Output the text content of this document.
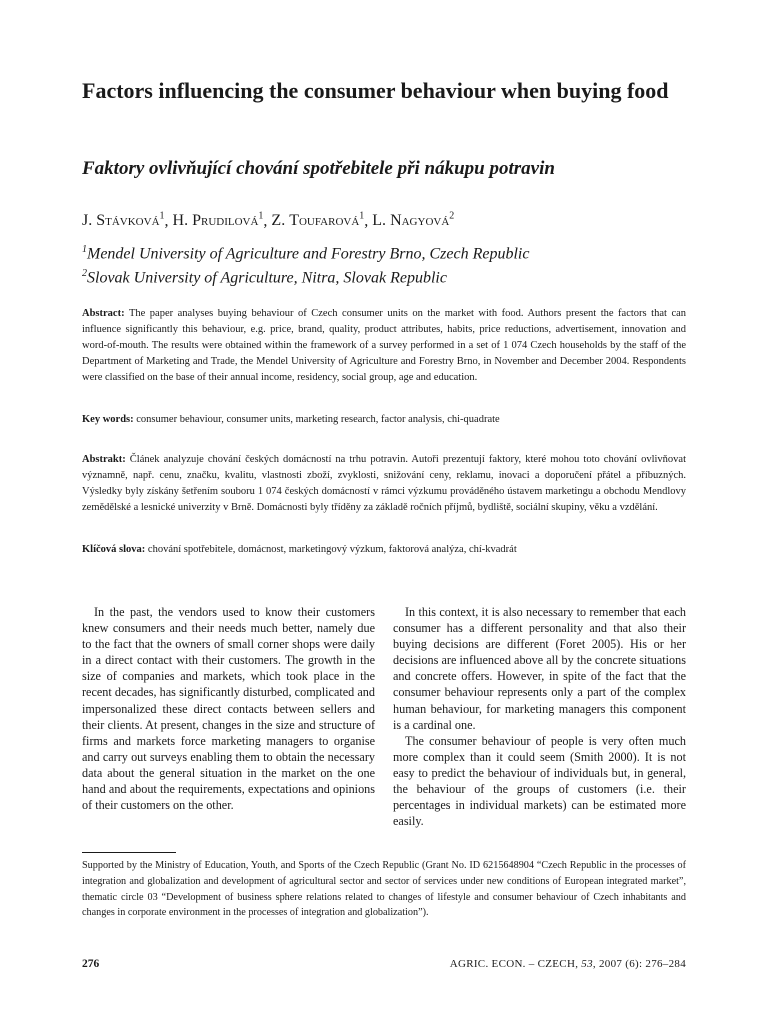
Factors influencing the consumer behaviour when buying food
Faktory ovlivňující chování spotřebitele při nákupu potravin

J. Stávková$^1$, H. Prudilová$^1$, Z. Toufarová$^1$, L. Nagyová$^2$

$^1$Mendel University of Agriculture and Forestry Brno, Czech Republic
$^2$Slovak University of Agriculture, Nitra, Slovak Republic

Abstract: The paper analyses buying behaviour of Czech consumer units on the market with food. Authors present the factors that can influence significantly this behaviour, e.g. price, brand, quality, product attributes, habits, price reductions, advertisement, innovation and word-of-mouth. The results were obtained within the framework of a survey performed in a set of 1 074 Czech households by the staff of the Department of Marketing and Trade, the Mendel University of Agriculture and Forestry Brno, in November and December 2004. Respondents were classified on the base of their annual income, residency, social group, age and education.

Key words: consumer behaviour, consumer units, marketing research, factor analysis, chi-quadrate

Abstrakt: Článek analyzuje chování českých domácností na trhu potravin. Autoři prezentují faktory, které mohou toto chování ovlivňovat významně, např. cenu, značku, kvalitu, vlastnosti zboží, zvyklosti, snižování ceny, reklamu, inovaci a doporučení přátel a příbuzných. Výsledky byly získány šetřením souboru 1 074 českých domácností v rámci výzkumu prováděného ústavem marketingu a obchodu Mendlovy zemědělské a lesnické univerzity v Brně. Domácnosti byly tříděny za základě ročních příjmů, bydliště, sociální skupiny, věku a vzdělání.

Klíčová slova: chování spotřebitele, domácnost, marketingový výzkum, faktorová analýza, chí-kvadrát

In the past, the vendors used to know their customers knew consumers and their needs much better, namely due to the fact that the owners of small corner shops were daily in a direct contact with their customers. The growth in the size of companies and markets, which took place in the recent decades, has significantly disturbed, complicated and impersonalized these direct contacts between sellers and their clients. At present, changes in the size and structure of firms and markets force marketing managers to organise and carry out surveys enabling them to obtain the necessary data about the general situation in the market on the one hand and about the requirements, expectations and opinions of their customers on the other.

In this context, it is also necessary to remember that each consumer has a different personality and that also their buying decisions are different (Foret 2005). His or her decisions are influenced above all by the concrete situations and concrete offers. However, in spite of the fact that the consumer behaviour represents only a part of the complex human behaviour, for marketing managers this component is a cardinal one.

The consumer behaviour of people is very often much more complex than it could seem (Smith 2000). It is not easy to predict the behaviour of individuals but, in general, the behaviour of the groups of customers (i.e. their percentages in individual markets) can be estimated more easily.

Supported by the Ministry of Education, Youth, and Sports of the Czech Republic (Grant No. ID 6215648904 “Czech Republic in the processes of integration and globalization and development of agricultural sector and sector of services under new conditions of European integrated market”, thematic circle 03 “Development of business sphere relations related to changes of lifestyle and consumer behaviour of Czech inhabitants and changes in corporate environment in the processes of integration and globalization”).

276	AGRIC. ECON. – CZECH, 53, 2007 (6): 276–284
